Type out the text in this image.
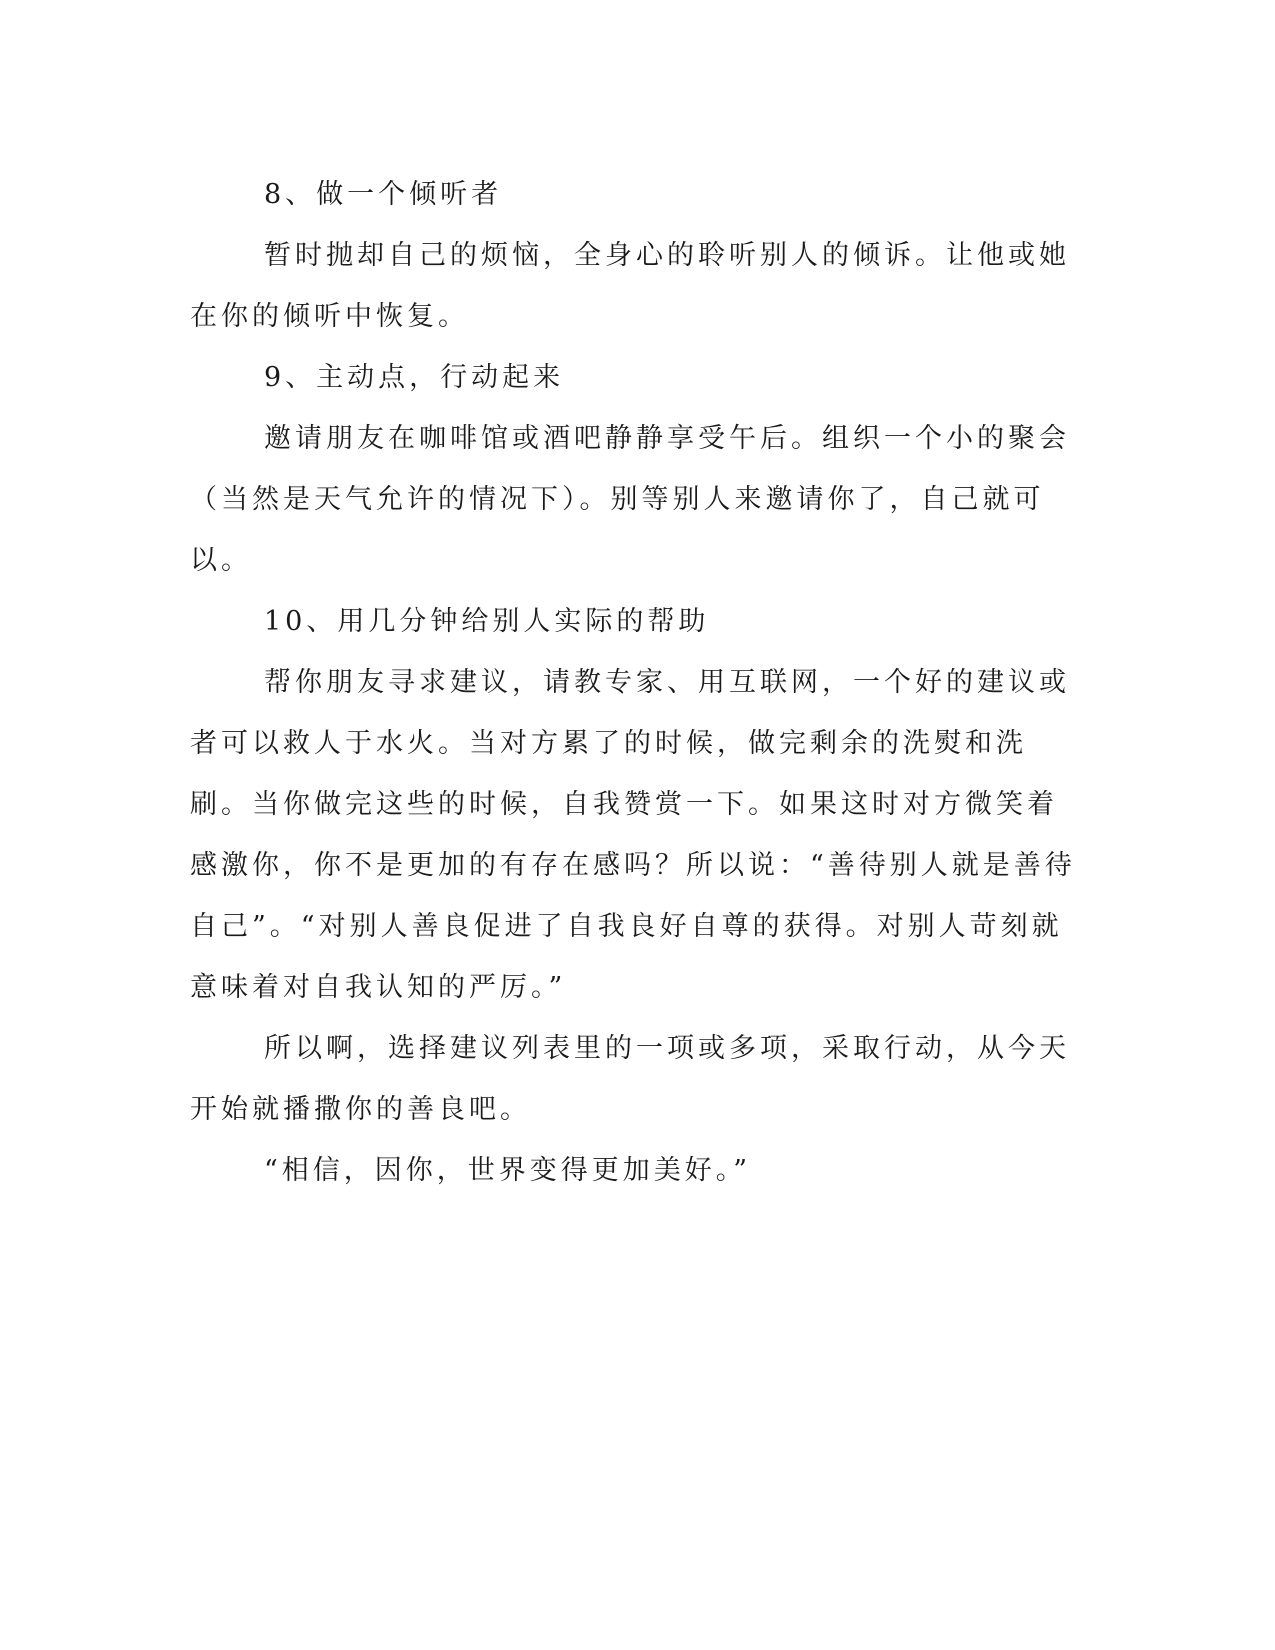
8、做一个倾听者

暂时抛却自己的烦恼，全身心的聆听别人的倾诉。让他或她在你的倾听中恢复。

9、主动点，行动起来

邀请朋友在咖啡馆或酒吧静静享受午后。组织一个小的聚会（当然是天气允许的情况下）。别等别人来邀请你了，自己就可以。

10、用几分钟给别人实际的帮助

帮你朋友寻求建议，请教专家、用互联网，一个好的建议或者可以救人于水火。当对方累了的时候，做完剩余的洗熨和洗刷。当你做完这些的时候，自我赞赏一下。如果这时对方微笑着感激你，你不是更加的有存在感吗？所以说：“善待别人就是善待自己”。“对别人善良促进了自我良好自尊的获得。对别人苛刻就意味着对自我认知的严厉。”

所以啊，选择建议列表里的一项或多项，采取行动，从今天开始就播撒你的善良吧。

“相信，因你，世界变得更加美好。”
